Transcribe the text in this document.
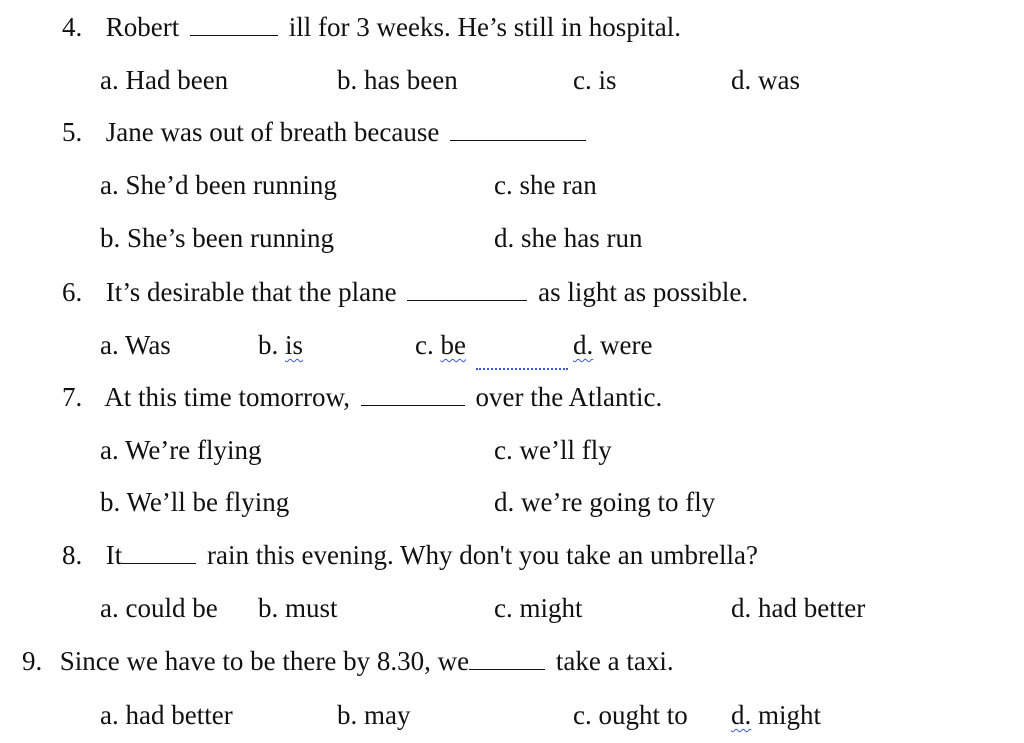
4. Robert	ill for 3 weeks. He’s still in hospital.
a. Had been	b. has been	c. is	d. was
5. Jane was out of breath because
a. She’d been running	c. she ran
b. She’s been running	d. she has run
6. It’s desirable that the plane	as light as possible.
a. Was	b. is	c. be	d. were
7. At this time tomorrow,	over the Atlantic.
a. We’re flying	c. we’ll fly
b. We’ll be flying	d. we’re going to fly
8. It	rain this evening. Why don't you take an umbrella?
a. could be b. must	c. might	d. had better
9. Since we have to be there by 8.30, we	take a taxi.
a. had better	b. may	c. ought to d. might
